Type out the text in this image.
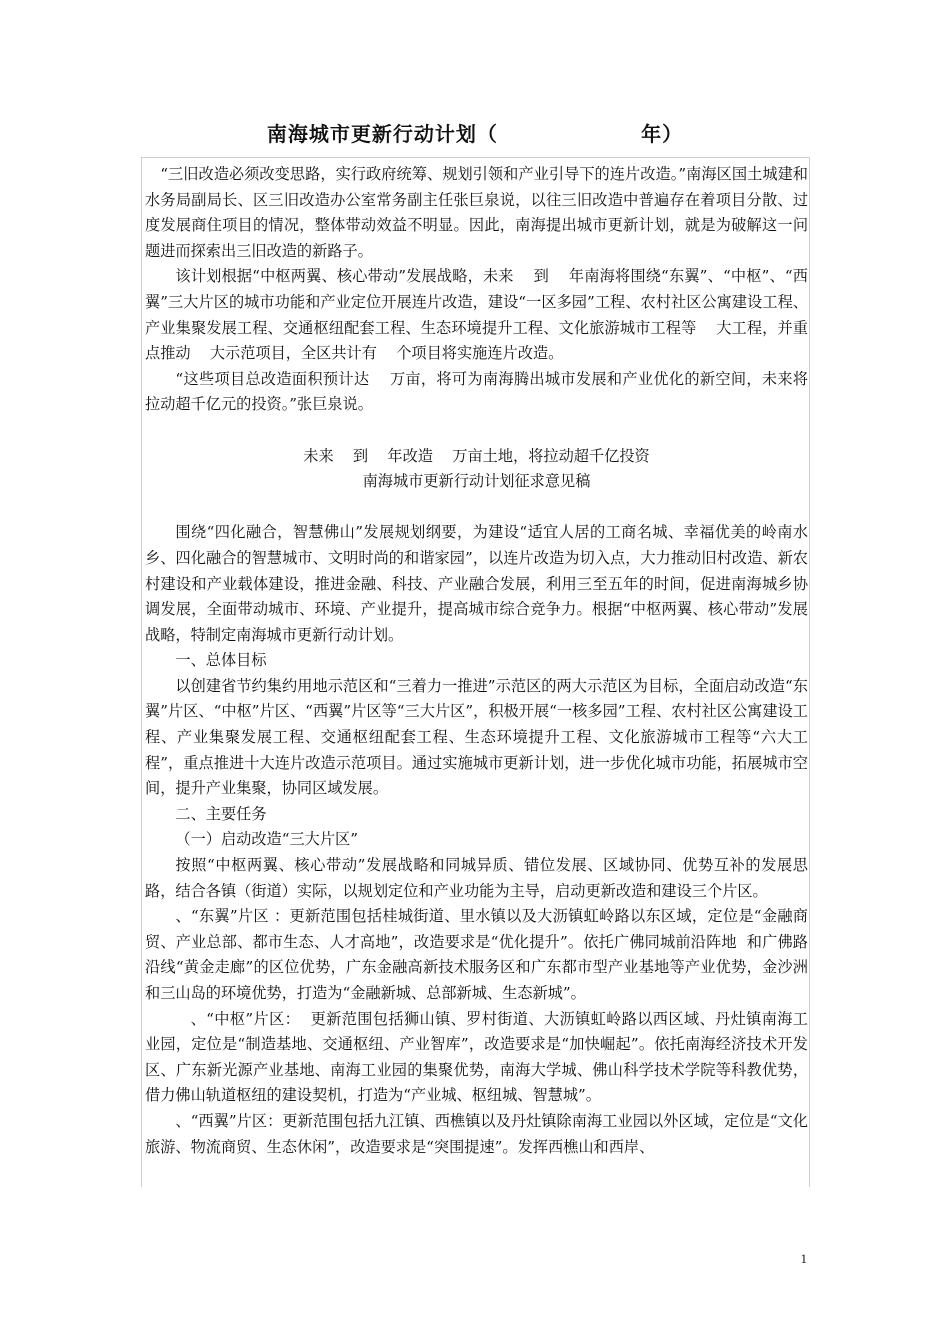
南海城市更新行动计划（                  年）

“三旧改造必须改变思路，实行政府统筹、规划引领和产业引导下的连片改造。”南海区国土城建和水务局副局长、区三旧改造办公室常务副主任张巨泉说，以往三旧改造中普遍存在着项目分散、过度发展商住项目的情况，整体带动效益不明显。因此，南海提出城市更新计划，就是为破解这一问题进而探索出三旧改造的新路子。

该计划根据“中枢两翼、核心带动”发展战略，未来    到    年南海将围绕“东翼”、“中枢”、“西翼”三大片区的城市功能和产业定位开展连片改造，建设“一区多园”工程、农村社区公寓建设工程、产业集聚发展工程、交通枢纽配套工程、生态环境提升工程、文化旅游城市工程等    大工程，并重点推动    大示范项目，全区共计有    个项目将实施连片改造。

“这些项目总改造面积预计达    万亩，将可为南海腾出城市发展和产业优化的新空间，未来将拉动超千亿元的投资。”张巨泉说。

未来    到    年改造    万亩土地，将拉动超千亿投资

南海城市更新行动计划征求意见稿

围绕“四化融合，智慧佛山”发展规划纲要，为建设“适宜人居的工商名城、幸福优美的岭南水乡、四化融合的智慧城市、文明时尚的和谐家园”，以连片改造为切入点，大力推动旧村改造、新农村建设和产业载体建设，推进金融、科技、产业融合发展，利用三至五年的时间，促进南海城乡协调发展，全面带动城市、环境、产业提升，提高城市综合竞争力。根据“中枢两翼、核心带动”发展战略，特制定南海城市更新行动计划。

一、总体目标

以创建省节约集约用地示范区和“三着力一推进”示范区的两大示范区为目标，全面启动改造“东翼”片区、“中枢”片区、“西翼”片区等“三大片区”，积极开展“一核多园”工程、农村社区公寓建设工程、产业集聚发展工程、交通枢纽配套工程、生态环境提升工程、文化旅游城市工程等“六大工程”，重点推进十大连片改造示范项目。通过实施城市更新计划，进一步优化城市功能，拓展城市空间，提升产业集聚，协同区域发展。

二、主要任务

（一）启动改造“三大片区”

按照“中枢两翼、核心带动”发展战略和同城异质、错位发展、区域协同、优势互补的发展思路，结合各镇（街道）实际，以规划定位和产业功能为主导，启动更新改造和建设三个片区。

、“东翼”片区 ：更新范围包括桂城街道、里水镇以及大沥镇虹岭路以东区域，定位是“金融商贸、产业总部、都市生态、人才高地”，改造要求是“优化提升”。依托广佛同城前沿阵地  和广佛路沿线“黄金走廊”的区位优势，广东金融高新技术服务区和广东都市型产业基地等产业优势，金沙洲和三山岛的环境优势，打造为“金融新城、总部新城、生态新城”。

、“中枢”片区：  更新范围包括狮山镇、罗村街道、大沥镇虹岭路以西区域、丹灶镇南海工业园，定位是“制造基地、交通枢纽、产业智库”，改造要求是“加快崛起”。依托南海经济技术开发区、广东新光源产业基地、南海工业园的集聚优势，南海大学城、佛山科学技术学院等科教优势，借力佛山轨道枢纽的建设契机，打造为“产业城、枢纽城、智慧城”。

、“西翼”片区：更新范围包括九江镇、西樵镇以及丹灶镇除南海工业园以外区域，定位是“文化旅游、物流商贸、生态休闲”，改造要求是“突围提速”。发挥西樵山和西岸、

1
